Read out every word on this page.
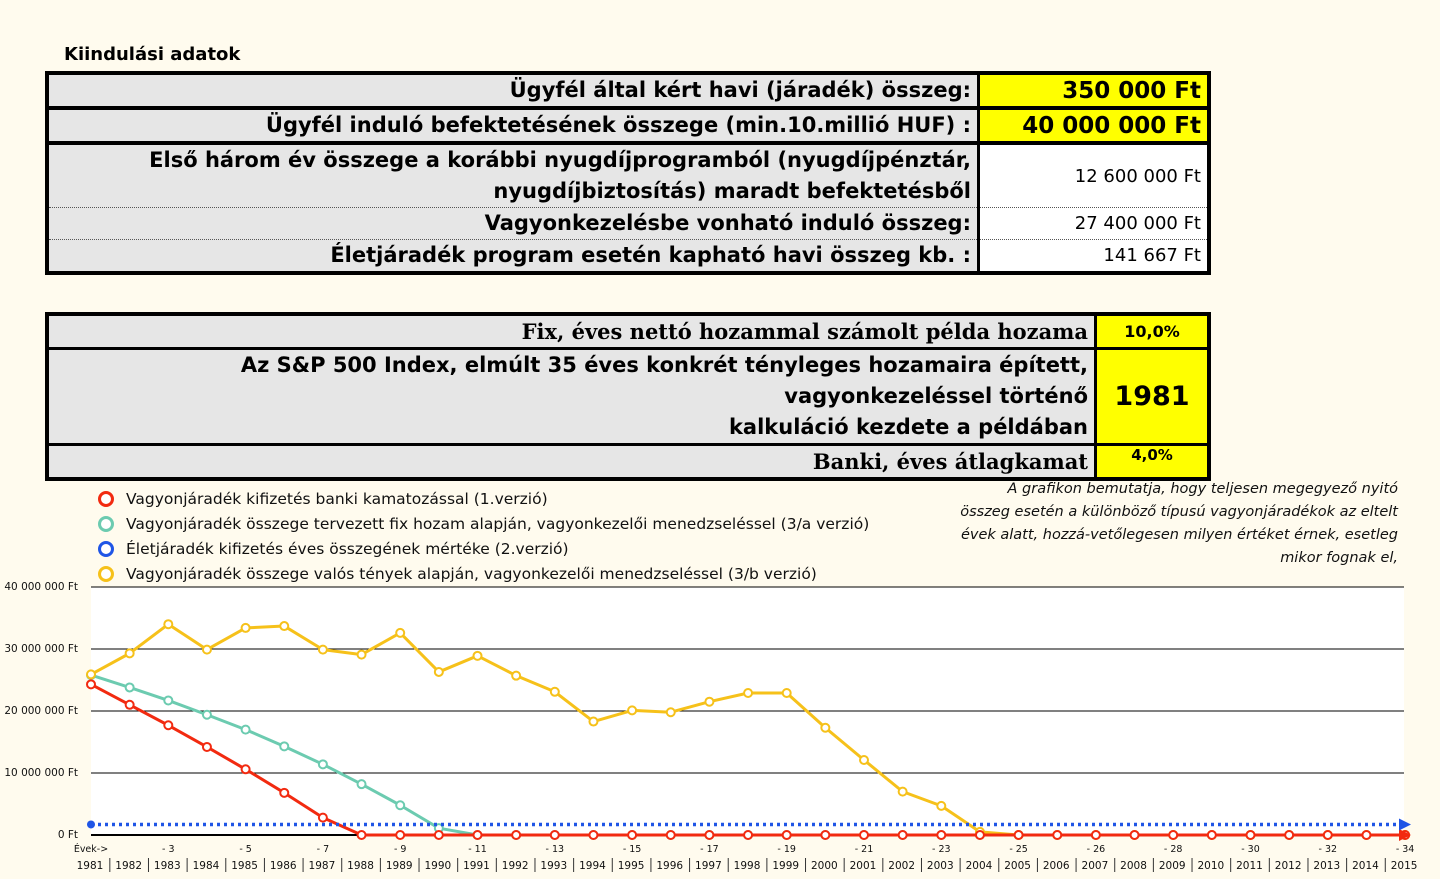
Kiindulási adatok
Ügyfél által kért havi (járadék) összeg:	350 000 Ft
Ügyfél induló befektetésének összege (min.10.millió HUF) :	40 000 000 Ft

Első három év összege a korábbi nyugdíjprogramból (nyugdíjpénztár,
nyugdíjbiztosítás) maradt befektetésből	12 600 000 Ft
Vagyonkezelésbe vonható induló összeg:	27 400 000 Ft
Életjáradék program esetén kapható havi összeg kb. :	141 667 Ft
Fix, éves nettó hozammal számolt példa hozama	10,0%

Az S&P 500 Index, elmúlt 35 éves konkrét tényleges hozamaira épített, vagyonkezeléssel történő
kalkuláció kezdete a példában	1981
Banki, éves átlagkamat	4,0%
Vagyonjáradék kifizetés banki kamatozással (1.verzió)
Vagyonjáradék összege tervezett fix hozam alapján, vagyonkezelői menedzseléssel (3/a verzió)
Életjáradék kifizetés éves összegének mértéke (2.verzió)
Vagyonjáradék összege valós tények alapján, vagyonkezelői menedzseléssel (3/b verzió)
A grafikon bemutatja, hogy teljesen megegyező nyitó összeg esetén a különböző típusú vagyonjáradékok az eltelt évek alatt, hozzá-vetőlegesen milyen értéket érnek, esetleg mikor fognak el,
0 Ft
10 000 000 Ft
20 000 000 Ft
30 000 000 Ft
40 000 000 Ft
Évek->	- 3	- 5	- 7	- 9	- 11	- 13	- 15	- 17	- 19	- 21	- 23	- 25	- 26	- 28	- 30	- 32	- 34
1981 1982 1983 1984 1985 1986 1987 1988 1989 1990 1991 1992 1993 1994 1995 1996 1997 1998 1999 2000 2001 2002 2003 2004 2005 2006 2007 2008 2009 2010 2011 2012 2013 2014 2015
